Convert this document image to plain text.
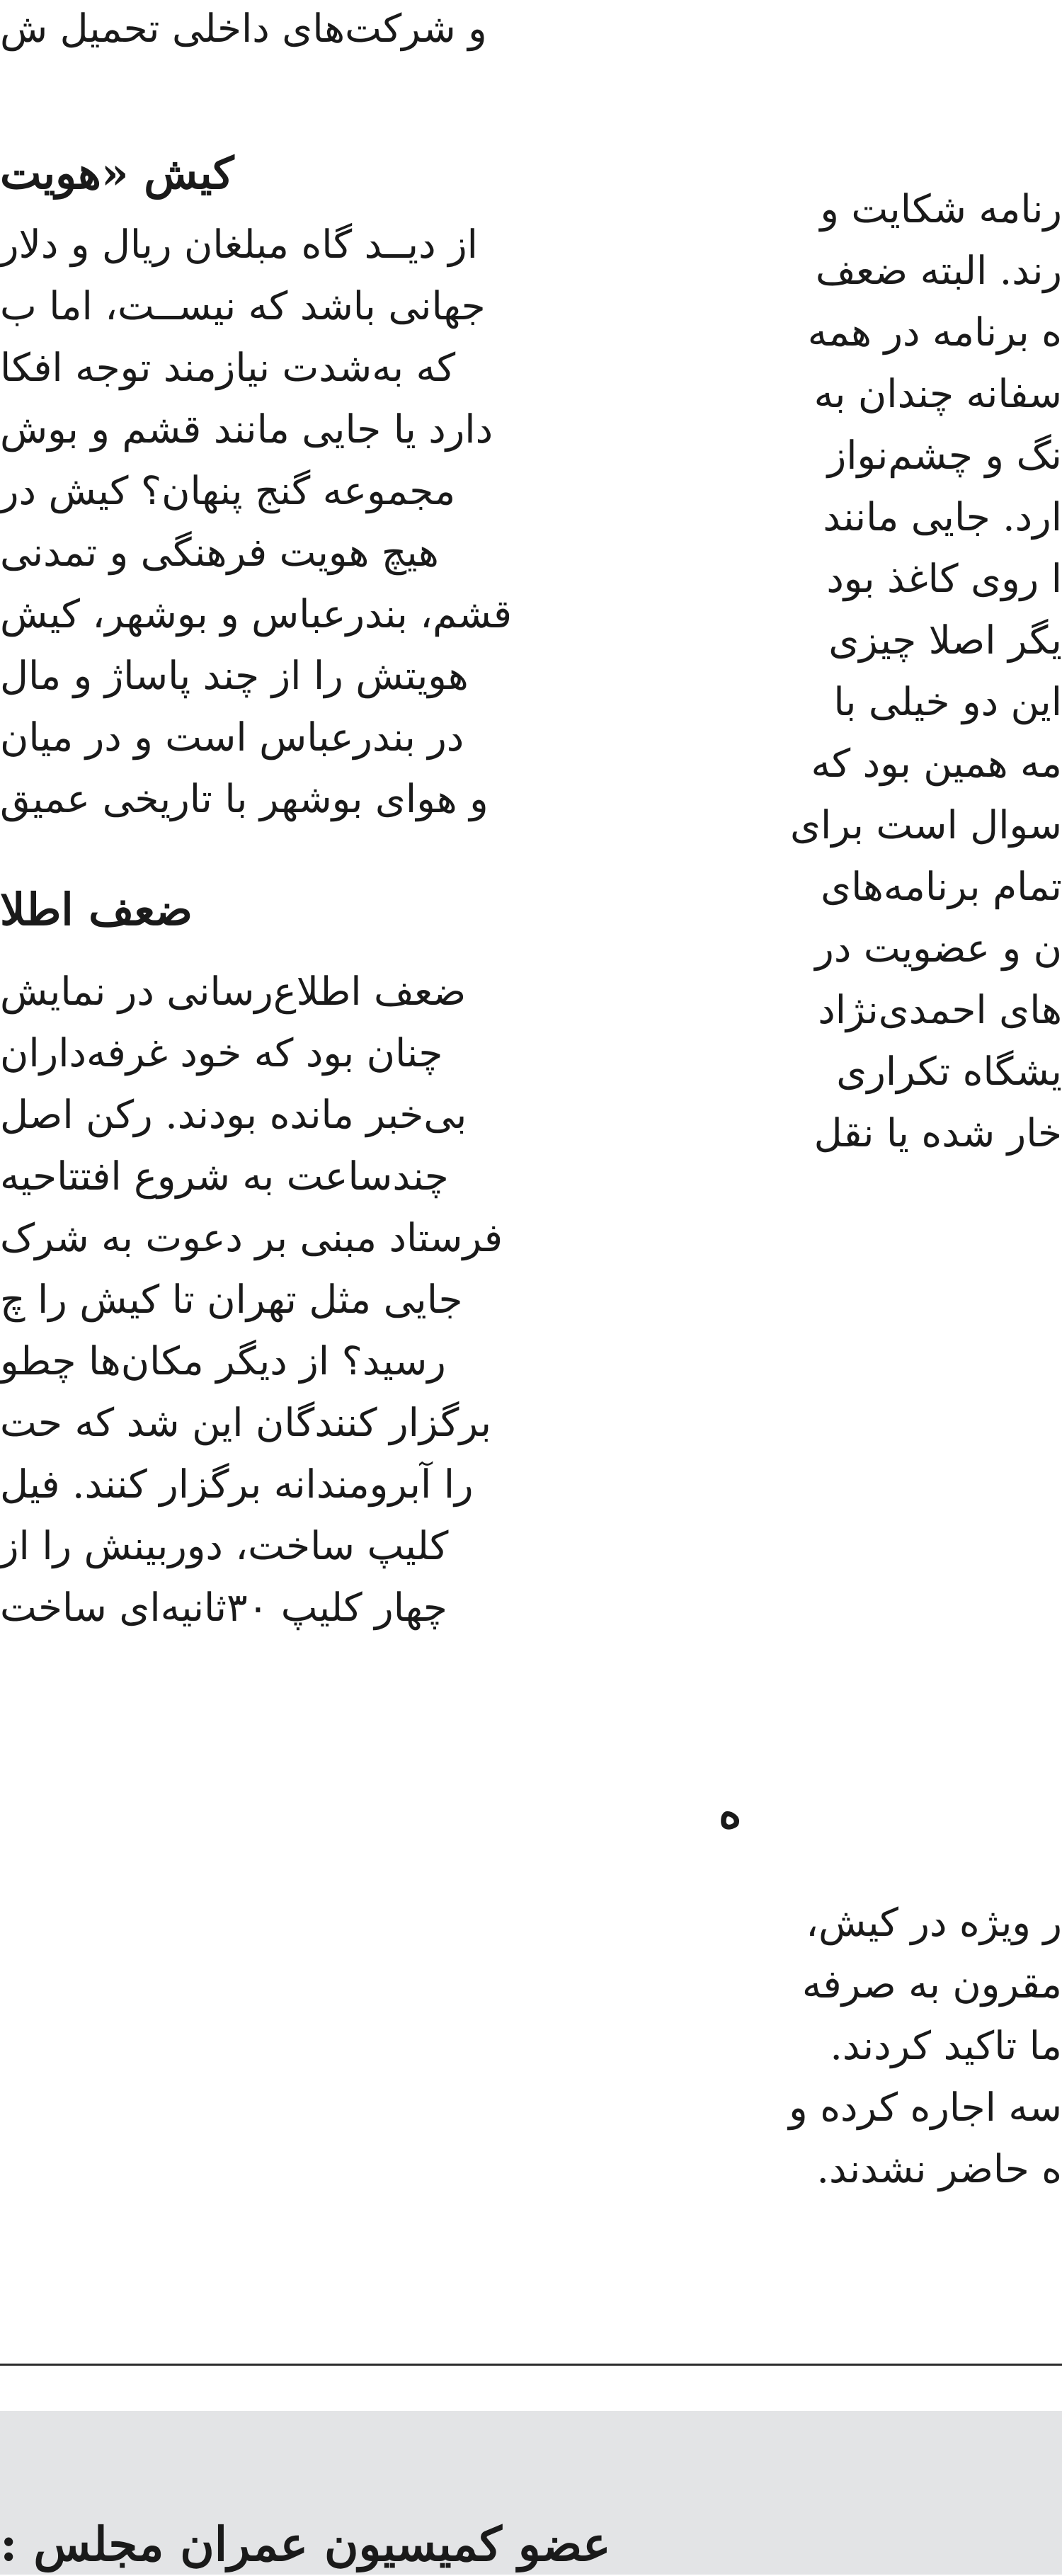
و شرکت‌های داخلی تحمیل ش
کیش «هویت
از دیــد گاه مبلغان ریال و دلار
جهانی باشد که نیســت، اما ب
که به‌شدت نیازمند توجه افکا
دارد یا جایی مانند قشم و بوش
مجموعه گنج پنهان؟ کیش در
هیچ هویت فرهنگی و تمدنی
قشم، بندرعباس و بوشهر، کیش
هویتش را از چند پاساژ و مال
در بندرعباس است و در میان
و هوای بوشهر با تاریخی عمیق
ضعف اطلا
ضعف اطلاع‌رسانی در نمایش
چنان بود که خود غرفه‌داران
بی‌خبر مانده بودند. رکن اصل
چندساعت به شروع افتتاحیه
فرستاد مبنی بر دعوت به شرک
جایی مثل تهران تا کیش را چ
رسید؟ از دیگر مکان‌ها چطو
برگزار کنندگان این شد که حت
را آبرومندانه برگزار کنند. فیل
کلیپ ساخت، دوربینش را از
چهار کلیپ ۳۰ثانیه‌ای ساخت
رنامه شکایت و
رند. البته ضعف
ه برنامه در همه
سفانه چندان به
نگ و چشم‌نواز
ارد. جایی مانند
ا روی کاغذ بود
یگر اصلا چیزی
این دو خیلی با
مه همین بود که
سوال است برای
تمام برنامه‌های
ن و عضویت در
های احمدی‌نژاد
یشگاه تکراری
خار شده یا نقل
ه
ر ویژه در کیش،
مقرون به صرفه
ما تاکید کردند.
سه اجاره کرده و
ه حاضر نشدند.
عضو کمیسیون عمران مجلس :
